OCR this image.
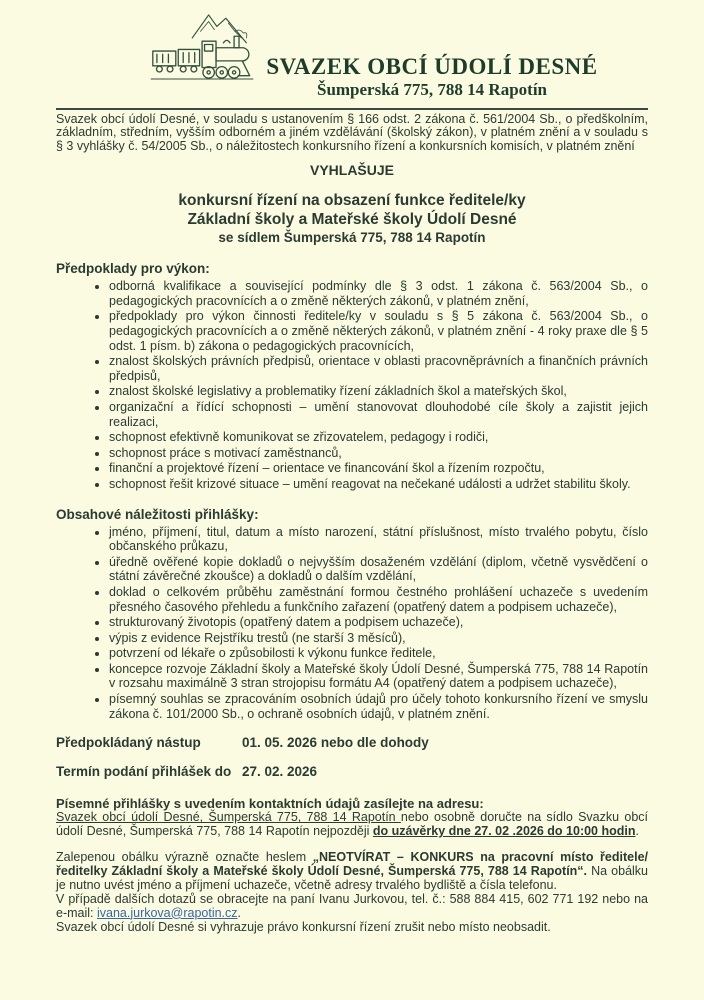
SVAZEK OBCÍ ÚDOLÍ DESNÉ
Šumperská 775, 788 14 Rapotín

Svazek obcí údolí Desné, v souladu s ustanovením § 166 odst. 2 zákona č. 561/2004 Sb., o předškolním, základním, středním, vyšším odborném a jiném vzdělávání (školský zákon), v platném znění a v souladu s § 3 vyhlášky č. 54/2005 Sb., o náležitostech konkursního řízení a konkursních komisích, v platném znění

VYHLAŠUJE
konkursní řízení na obsazení funkce ředitele/ky
Základní školy a Mateřské školy Údolí Desné
se sídlem Šumperská 775, 788 14 Rapotín
Předpoklady pro výkon:
• odborná kvalifikace a související podmínky dle § 3 odst. 1 zákona č. 563/2004 Sb., o pedagogických pracovnících a o změně některých zákonů, v platném znění,
• předpoklady pro výkon činnosti ředitele/ky v souladu s § 5 zákona č. 563/2004 Sb., o pedagogických pracovnících a o změně některých zákonů, v platném znění - 4 roky praxe dle § 5 odst. 1 písm. b) zákona o pedagogických pracovnících,
• znalost školských právních předpisů, orientace v oblasti pracovněprávních a finančních právních předpisů,
• znalost školské legislativy a problematiky řízení základních škol a mateřských škol,
• organizační a řídící schopnosti – umění stanovovat dlouhodobé cíle školy a zajistit jejich realizaci,
• schopnost efektivně komunikovat se zřizovatelem, pedagogy i rodiči,
• schopnost práce s motivací zaměstnanců,
• finanční a projektové řízení – orientace ve financování škol a řízením rozpočtu,
• schopnost řešit krizové situace – umění reagovat na nečekané události a udržet stabilitu školy.
Obsahové náležitosti přihlášky:
• jméno, příjmení, titul, datum a místo narození, státní příslušnost, místo trvalého pobytu, číslo občanského průkazu,
• úředně ověřené kopie dokladů o nejvyšším dosaženém vzdělání (diplom, včetně vysvědčení o státní závěrečné zkoušce) a dokladů o dalším vzdělání,
• doklad o celkovém průběhu zaměstnání formou čestného prohlášení uchazeče s uvedením přesného časového přehledu a funkčního zařazení (opatřený datem a podpisem uchazeče),
• strukturovaný životopis (opatřený datem a podpisem uchazeče),
• výpis z evidence Rejstříku trestů (ne starší 3 měsíců),
• potvrzení od lékaře o způsobilosti k výkonu funkce ředitele,
• koncepce rozvoje Základní školy a Mateřské školy Údolí Desné, Šumperská 775, 788 14 Rapotín v rozsahu maximálně 3 stran strojopisu formátu A4 (opatřený datem a podpisem uchazeče),
• písemný souhlas se zpracováním osobních údajů pro účely tohoto konkursního řízení ve smyslu zákona č. 101/2000 Sb., o ochraně osobních údajů, v platném znění.
Předpokládaný nástup	01. 05. 2026 nebo dle dohody
Termín podání přihlášek do 27. 02. 2026
Písemné přihlášky s uvedením kontaktních údajů zasílejte na adresu:

Svazek obcí údolí Desné, Šumperská 775, 788 14 Rapotín nebo osobně doručte na sídlo Svazku obcí údolí Desné, Šumperská 775, 788 14 Rapotín nejpozději do uzávěrky dne 27. 02 .2026 do 10:00 hodin.

Zalepenou obálku výrazně označte heslem „NEOTVÍRAT – KONKURS na pracovní místo ředitele/ředitelky Základní školy a Mateřské školy Údolí Desné, Šumperská 775, 788 14 Rapotín“. Na obálku je nutno uvést jméno a příjmení uchazeče, včetně adresy trvalého bydliště a čísla telefonu.

V případě dalších dotazů se obracejte na paní Ivanu Jurkovou, tel. č.: 588 884 415, 602 771 192 nebo na e-mail: ivana.jurkova@rapotin.cz.

Svazek obcí údolí Desné si vyhrazuje právo konkursní řízení zrušit nebo místo neobsadit.
